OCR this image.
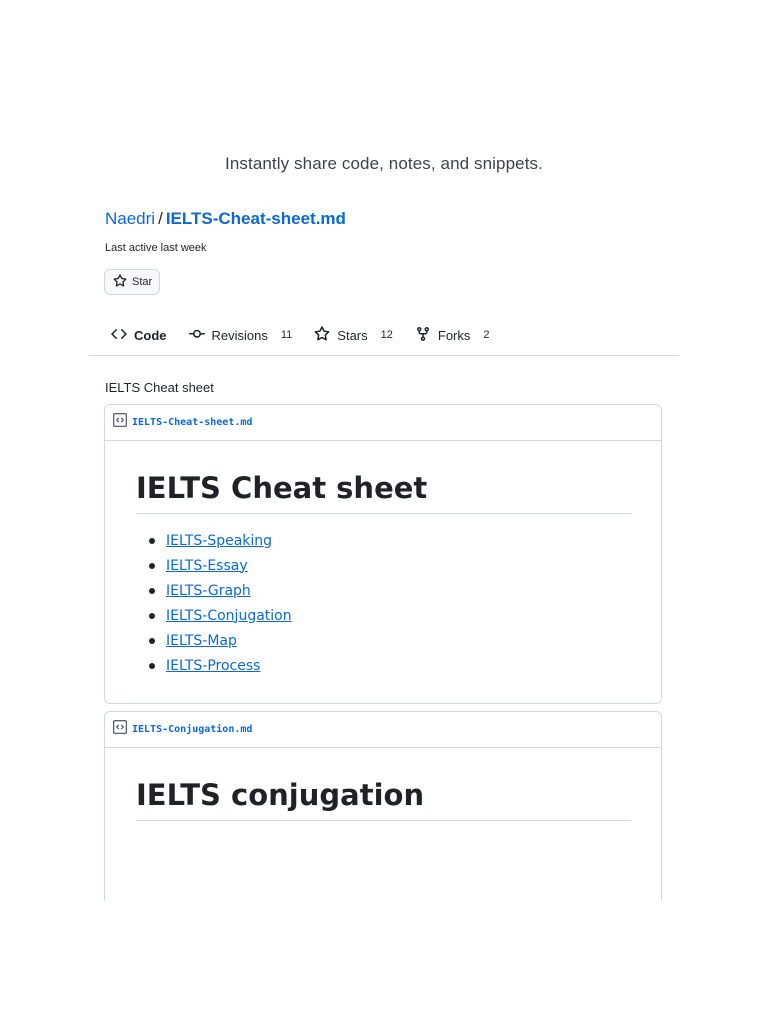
Instantly share code, notes, and snippets.
Naedri / IELTS-Cheat-sheet.md
Last active last week
Star
Code	Revisions 11	Stars 12	Forks 2
IELTS Cheat sheet
IELTS-Cheat-sheet.md
IELTS Cheat sheet
IELTS-Speaking
IELTS-Essay
IELTS-Graph
IELTS-Conjugation
IELTS-Map
IELTS-Process
IELTS-Conjugation.md
IELTS conjugation
